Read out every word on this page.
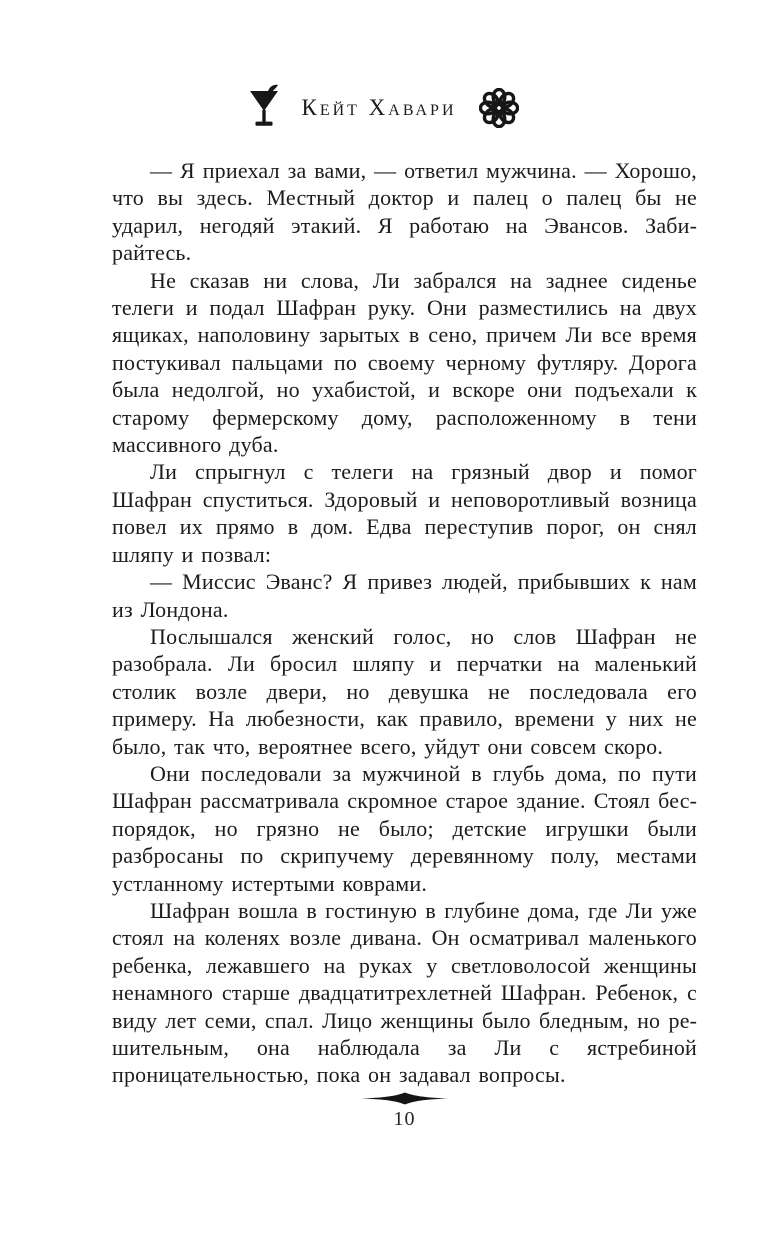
Кейт Хавари

— Я приехал за вами, — ответил мужчина. — Хорошо, что вы здесь. Местный доктор и палец о палец бы не ударил, негодяй этакий. Я работаю на Эвансов. Забирайтесь.

Не сказав ни слова, Ли забрался на заднее сиденье телеги и подал Шафран руку. Они разместились на двух ящиках, наполовину зарытых в сено, причем Ли все время постукивал пальцами по своему черному футляру. Дорога была недолгой, но ухабистой, и вскоре они подъехали к старому фермерскому дому, расположенному в тени массивного дуба.

Ли спрыгнул с телеги на грязный двор и помог Шафран спуститься. Здоровый и неповоротливый возница повел их прямо в дом. Едва переступив порог, он снял шляпу и позвал:

— Миссис Эванс? Я привез людей, прибывших к нам из Лондона.

Послышался женский голос, но слов Шафран не разобрала. Ли бросил шляпу и перчатки на маленький столик возле двери, но девушка не последовала его примеру. На любезности, как правило, времени у них не было, так что, вероятнее всего, уйдут они совсем скоро.

Они последовали за мужчиной в глубь дома, по пути Шафран рассматривала скромное старое здание. Стоял беспорядок, но грязно не было; детские игрушки были разбросаны по скрипучему деревянному полу, местами устланному истертыми коврами.

Шафран вошла в гостиную в глубине дома, где Ли уже стоял на коленях возле дивана. Он осматривал маленького ребенка, лежавшего на руках у светловолосой женщины ненамного старше двадцатитрехлетней Шафран. Ребенок, с виду лет семи, спал. Лицо женщины было бледным, но решительным, она наблюдала за Ли с ястребиной проницательностью, пока он задавал вопросы.

10
